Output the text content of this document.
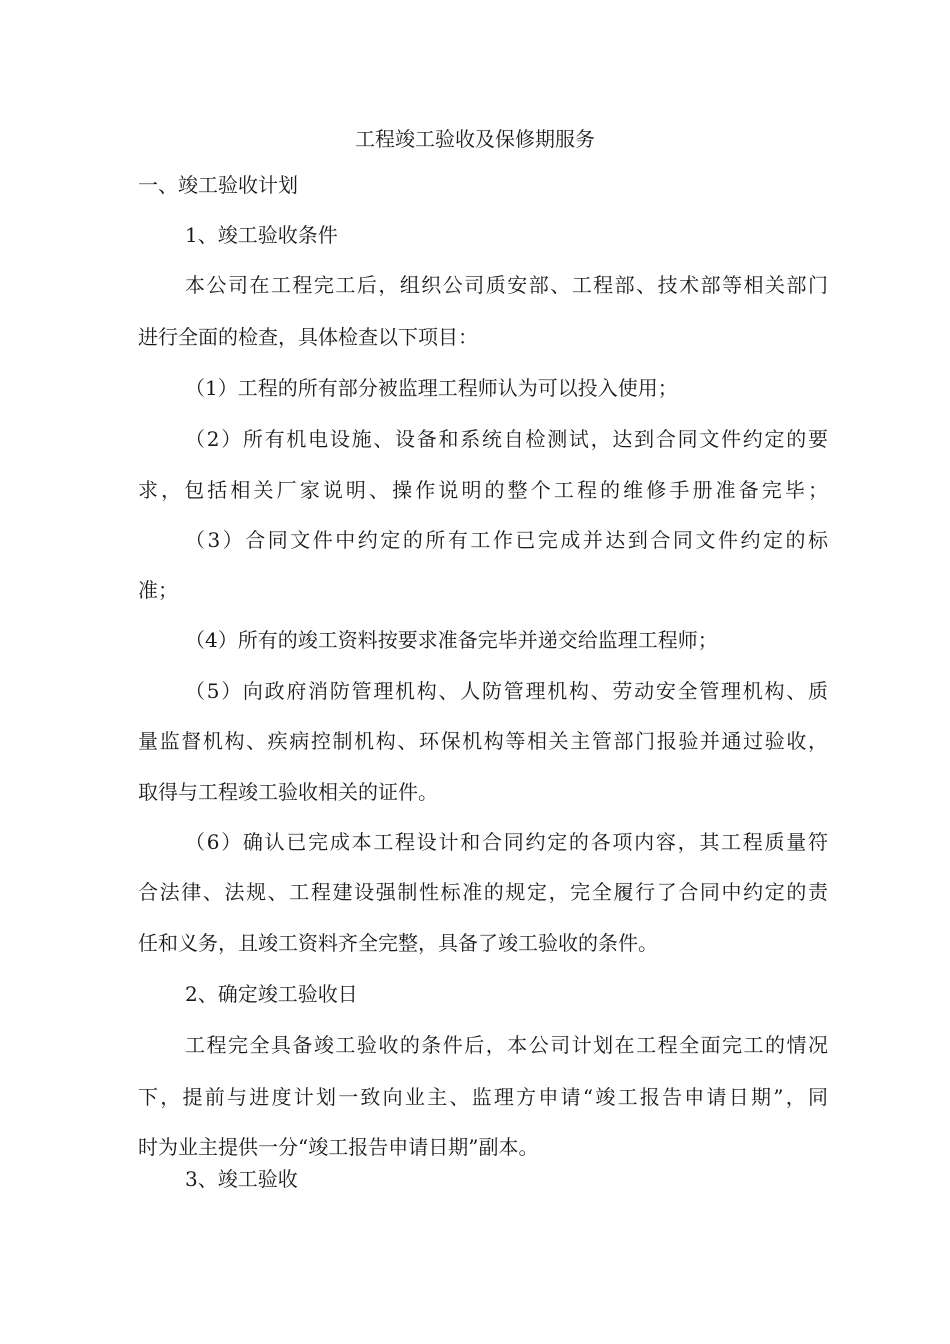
工程竣工验收及保修期服务
一、竣工验收计划
1、竣工验收条件
本公司在工程完工后，组织公司质安部、工程部、技术部等相关部门
进行全面的检查，具体检查以下项目：
（1）工程的所有部分被监理工程师认为可以投入使用；
（2）所有机电设施、设备和系统自检测试，达到合同文件约定的要
求，包括相关厂家说明、操作说明的整个工程的维修手册准备完毕；
（3）合同文件中约定的所有工作已完成并达到合同文件约定的标
准；
（4）所有的竣工资料按要求准备完毕并递交给监理工程师；
（5）向政府消防管理机构、人防管理机构、劳动安全管理机构、质
量监督机构、疾病控制机构、环保机构等相关主管部门报验并通过验收，
取得与工程竣工验收相关的证件。
（6）确认已完成本工程设计和合同约定的各项内容，其工程质量符
合法律、法规、工程建设强制性标准的规定，完全履行了合同中约定的责
任和义务，且竣工资料齐全完整，具备了竣工验收的条件。
2、确定竣工验收日
工程完全具备竣工验收的条件后，本公司计划在工程全面完工的情况
下，提前与进度计划一致向业主、监理方申请“竣工报告申请日期”，同
时为业主提供一分“竣工报告申请日期”副本。
3、竣工验收
